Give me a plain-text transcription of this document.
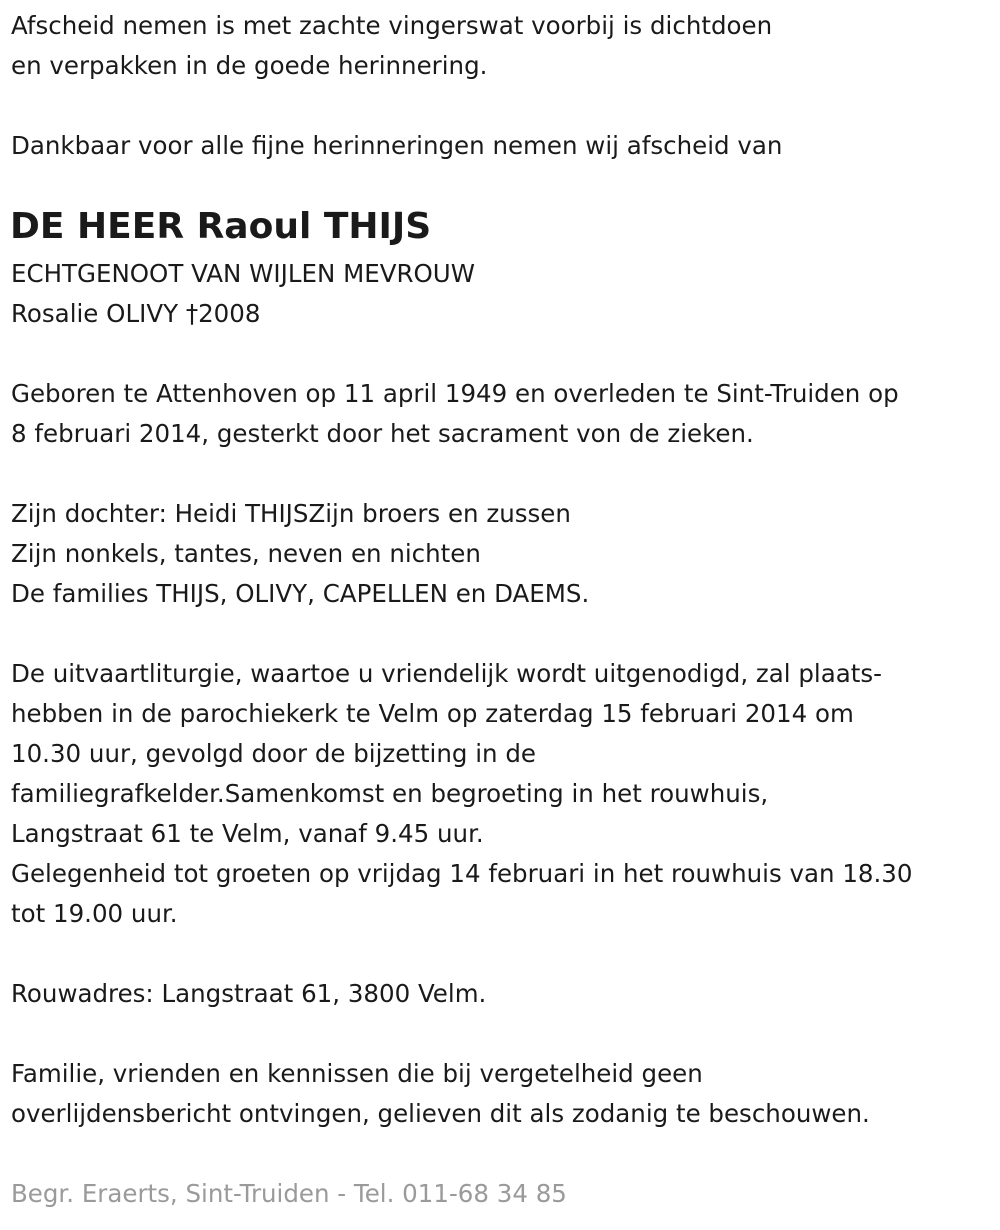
Afscheid nemen is met zachte vingerswat voorbij is dichtdoen

en verpakken in de goede herinnering.

Dankbaar voor alle fijne herinneringen nemen wij afscheid van

DE HEER Raoul THIJS

ECHTGENOOT VAN WIJLEN MEVROUW

Rosalie OLIVY †2008

Geboren te Attenhoven op 11 april 1949 en overleden te Sint-Truiden op

8 februari 2014, gesterkt door het sacrament von de zieken.

Zijn dochter: Heidi THIJSZijn broers en zussen

Zijn nonkels, tantes, neven en nichten

De families THIJS, OLIVY, CAPELLEN en DAEMS.

De uitvaartliturgie, waartoe u vriendelijk wordt uitgenodigd, zal plaats-

hebben in de parochiekerk te Velm op zaterdag 15 februari 2014 om

10.30 uur, gevolgd door de bijzetting in de

familiegrafkelder.Samenkomst en begroeting in het rouwhuis,

Langstraat 61 te Velm, vanaf 9.45 uur.

Gelegenheid tot groeten op vrijdag 14 februari in het rouwhuis van 18.30

tot 19.00 uur.

Rouwadres: Langstraat 61, 3800 Velm.

Familie, vrienden en kennissen die bij vergetelheid geen

overlijdensbericht ontvingen, gelieven dit als zodanig te beschouwen.

Begr. Eraerts, Sint-Truiden - Tel. 011-68 34 85
